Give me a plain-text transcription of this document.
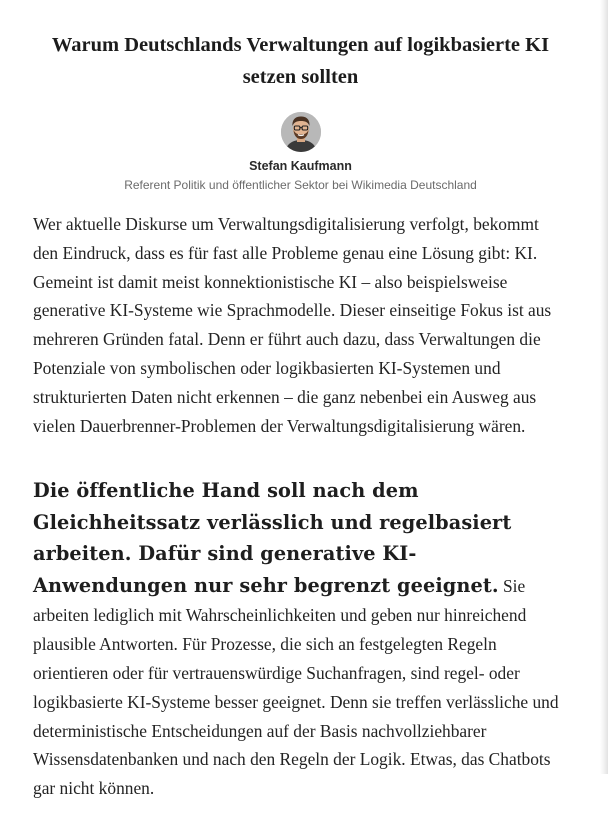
Warum Deutschlands Verwaltungen auf logikbasierte KI setzen sollten
Stefan Kaufmann
Referent Politik und öffentlicher Sektor bei Wikimedia Deutschland

Wer aktuelle Diskurse um Verwaltungsdigitalisierung verfolgt, bekommt den Eindruck, dass es für fast alle Probleme genau eine Lösung gibt: KI. Gemeint ist damit meist konnektionistische KI – also beispielsweise generative KI-Systeme wie Sprachmodelle. Dieser einseitige Fokus ist aus mehreren Gründen fatal. Denn er führt auch dazu, dass Verwaltungen die Potenziale von symbolischen oder logikbasierten KI-Systemen und strukturierten Daten nicht erkennen – die ganz nebenbei ein Ausweg aus vielen Dauerbrenner-Problemen der Verwaltungsdigitalisierung wären.

Die öffentliche Hand soll nach dem Gleichheitssatz verlässlich und regelbasiert arbeiten. Dafür sind generative KI-Anwendungen nur sehr begrenzt geeignet. Sie arbeiten lediglich mit Wahrscheinlichkeiten und geben nur hinreichend plausible Antworten. Für Prozesse, die sich an festgelegten Regeln orientieren oder für vertrauenswürdige Suchanfragen, sind regel- oder logikbasierte KI-Systeme besser geeignet. Denn sie treffen verlässliche und deterministische Entscheidungen auf der Basis nachvollziehbarer Wissensdatenbanken und nach den Regeln der Logik. Etwas, das Chatbots gar nicht können.
